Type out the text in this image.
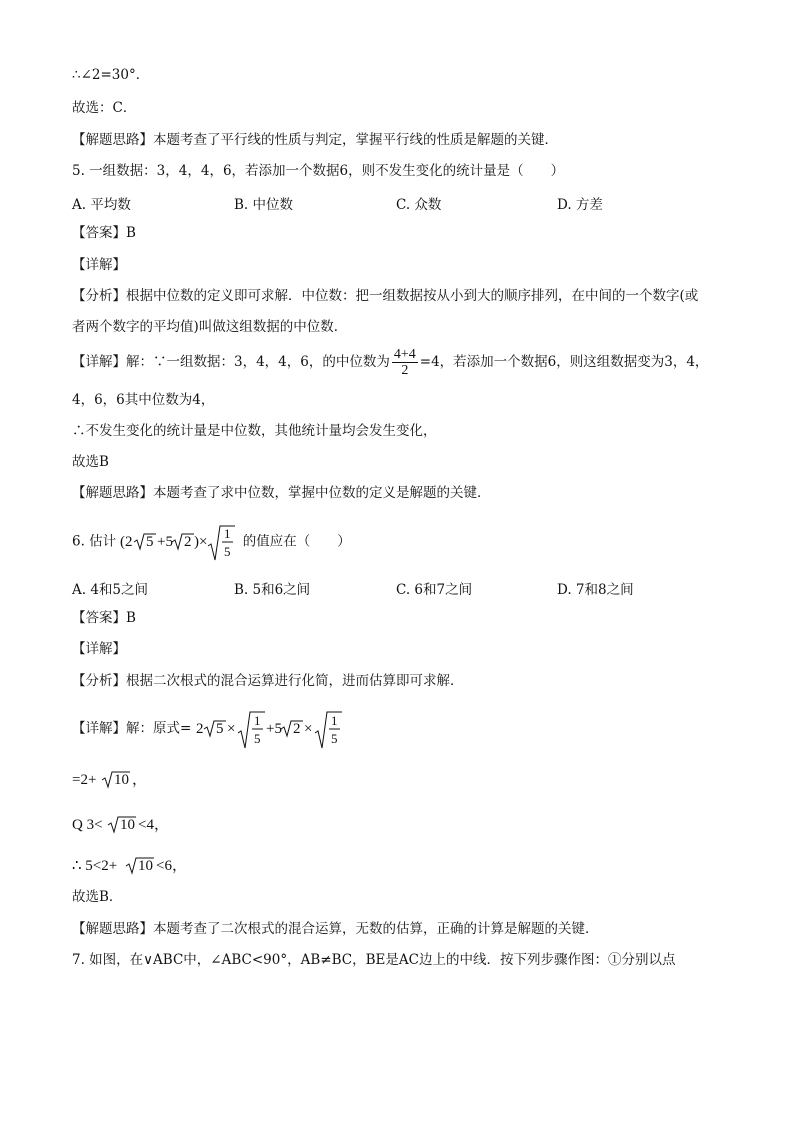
∴∠2=30°．
故选：C．
【解题思路】本题考查了平行线的性质与判定，掌握平行线的性质是解题的关键．
5. 一组数据：3，4，4，6，若添加一个数据6，则不发生变化的统计量是（　　）
A. 平均数	B. 中位数	C. 众数	D. 方差
【答案】B
【详解】
【分析】根据中位数的定义即可求解．中位数：把一组数据按从小到大的顺序排列，在中间的一个数字(或
者两个数字的平均值)叫做这组数据的中位数．
【详解】解：∵一组数据：3，4，4，6，的中位数为 $\frac{4+4}{2} =4$，若添加一个数据6，则这组数据变为3，4，
4，6，6其中位数为4，
∴不发生变化的统计量是中位数，其他统计量均会发生变化，
故选B
【解题思路】本题考查了求中位数，掌握中位数的定义是解题的关键．
6. 估计 (2 5 +5 2 )×
1
5
的值应在（　　）
A. 4和5之间	B. 5和6之间	C. 6和7之间	D. 7和8之间
【答案】B
【详解】
【分析】根据二次根式的混合运算进行化简，进而估算即可求解．
【详解】解：原式= 2 5 ×
1
5
+5 2 ×
1
5
=2+ 10 ，
Q 3< 10 <4，
∴ 5<2+ 10 <6，
故选B．
【解题思路】本题考查了二次根式的混合运算，无数的估算，正确的计算是解题的关键．
7. 如图，在∨ABC中，∠ABC<90°，AB≠BC，BE是AC边上的中线．按下列步骤作图：①分别以点
